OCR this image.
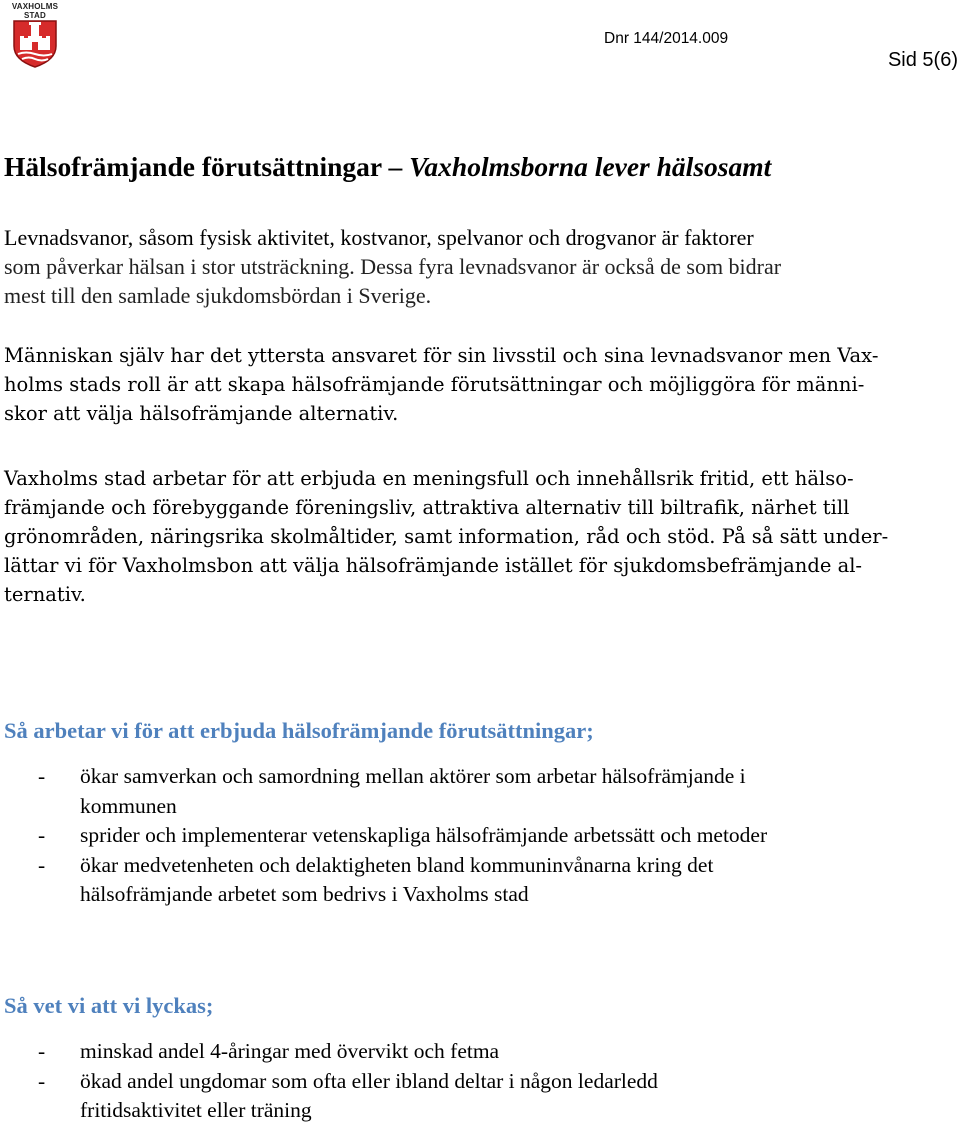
VAXHOLMS
STAD
Dnr 144/2014.009
Sid 5(6)
Hälsofrämjande förutsättningar – Vaxholmsborna lever hälsosamt

Levnadsvanor, såsom fysisk aktivitet, kostvanor, spelvanor och drogvanor är faktorer
som påverkar hälsan i stor utsträckning. Dessa fyra levnadsvanor är också de som bidrar
mest till den samlade sjukdomsbördan i Sverige.

Människan själv har det yttersta ansvaret för sin livsstil och sina levnadsvanor men Vax-
holms stads roll är att skapa hälsofrämjande förutsättningar och möjliggöra för männi-
skor att välja hälsofrämjande alternativ.

Vaxholms stad arbetar för att erbjuda en meningsfull och innehållsrik fritid, ett hälso-
främjande och förebyggande föreningsliv, attraktiva alternativ till biltrafik, närhet till
grönområden, näringsrika skolmåltider, samt information, råd och stöd. På så sätt under-
lättar vi för Vaxholmsbon att välja hälsofrämjande istället för sjukdomsbefrämjande al-
ternativ.

Så arbetar vi för att erbjuda hälsofrämjande förutsättningar;
- ökar samverkan och samordning mellan aktörer som arbetar hälsofrämjande i
kommunen
- sprider och implementerar vetenskapliga hälsofrämjande arbetssätt och metoder
- ökar medvetenheten och delaktigheten bland kommuninvånarna kring det
hälsofrämjande arbetet som bedrivs i Vaxholms stad
Så vet vi att vi lyckas;
- minskad andel 4-åringar med övervikt och fetma
- ökad andel ungdomar som ofta eller ibland deltar i någon ledarledd
fritidsaktivitet eller träning
